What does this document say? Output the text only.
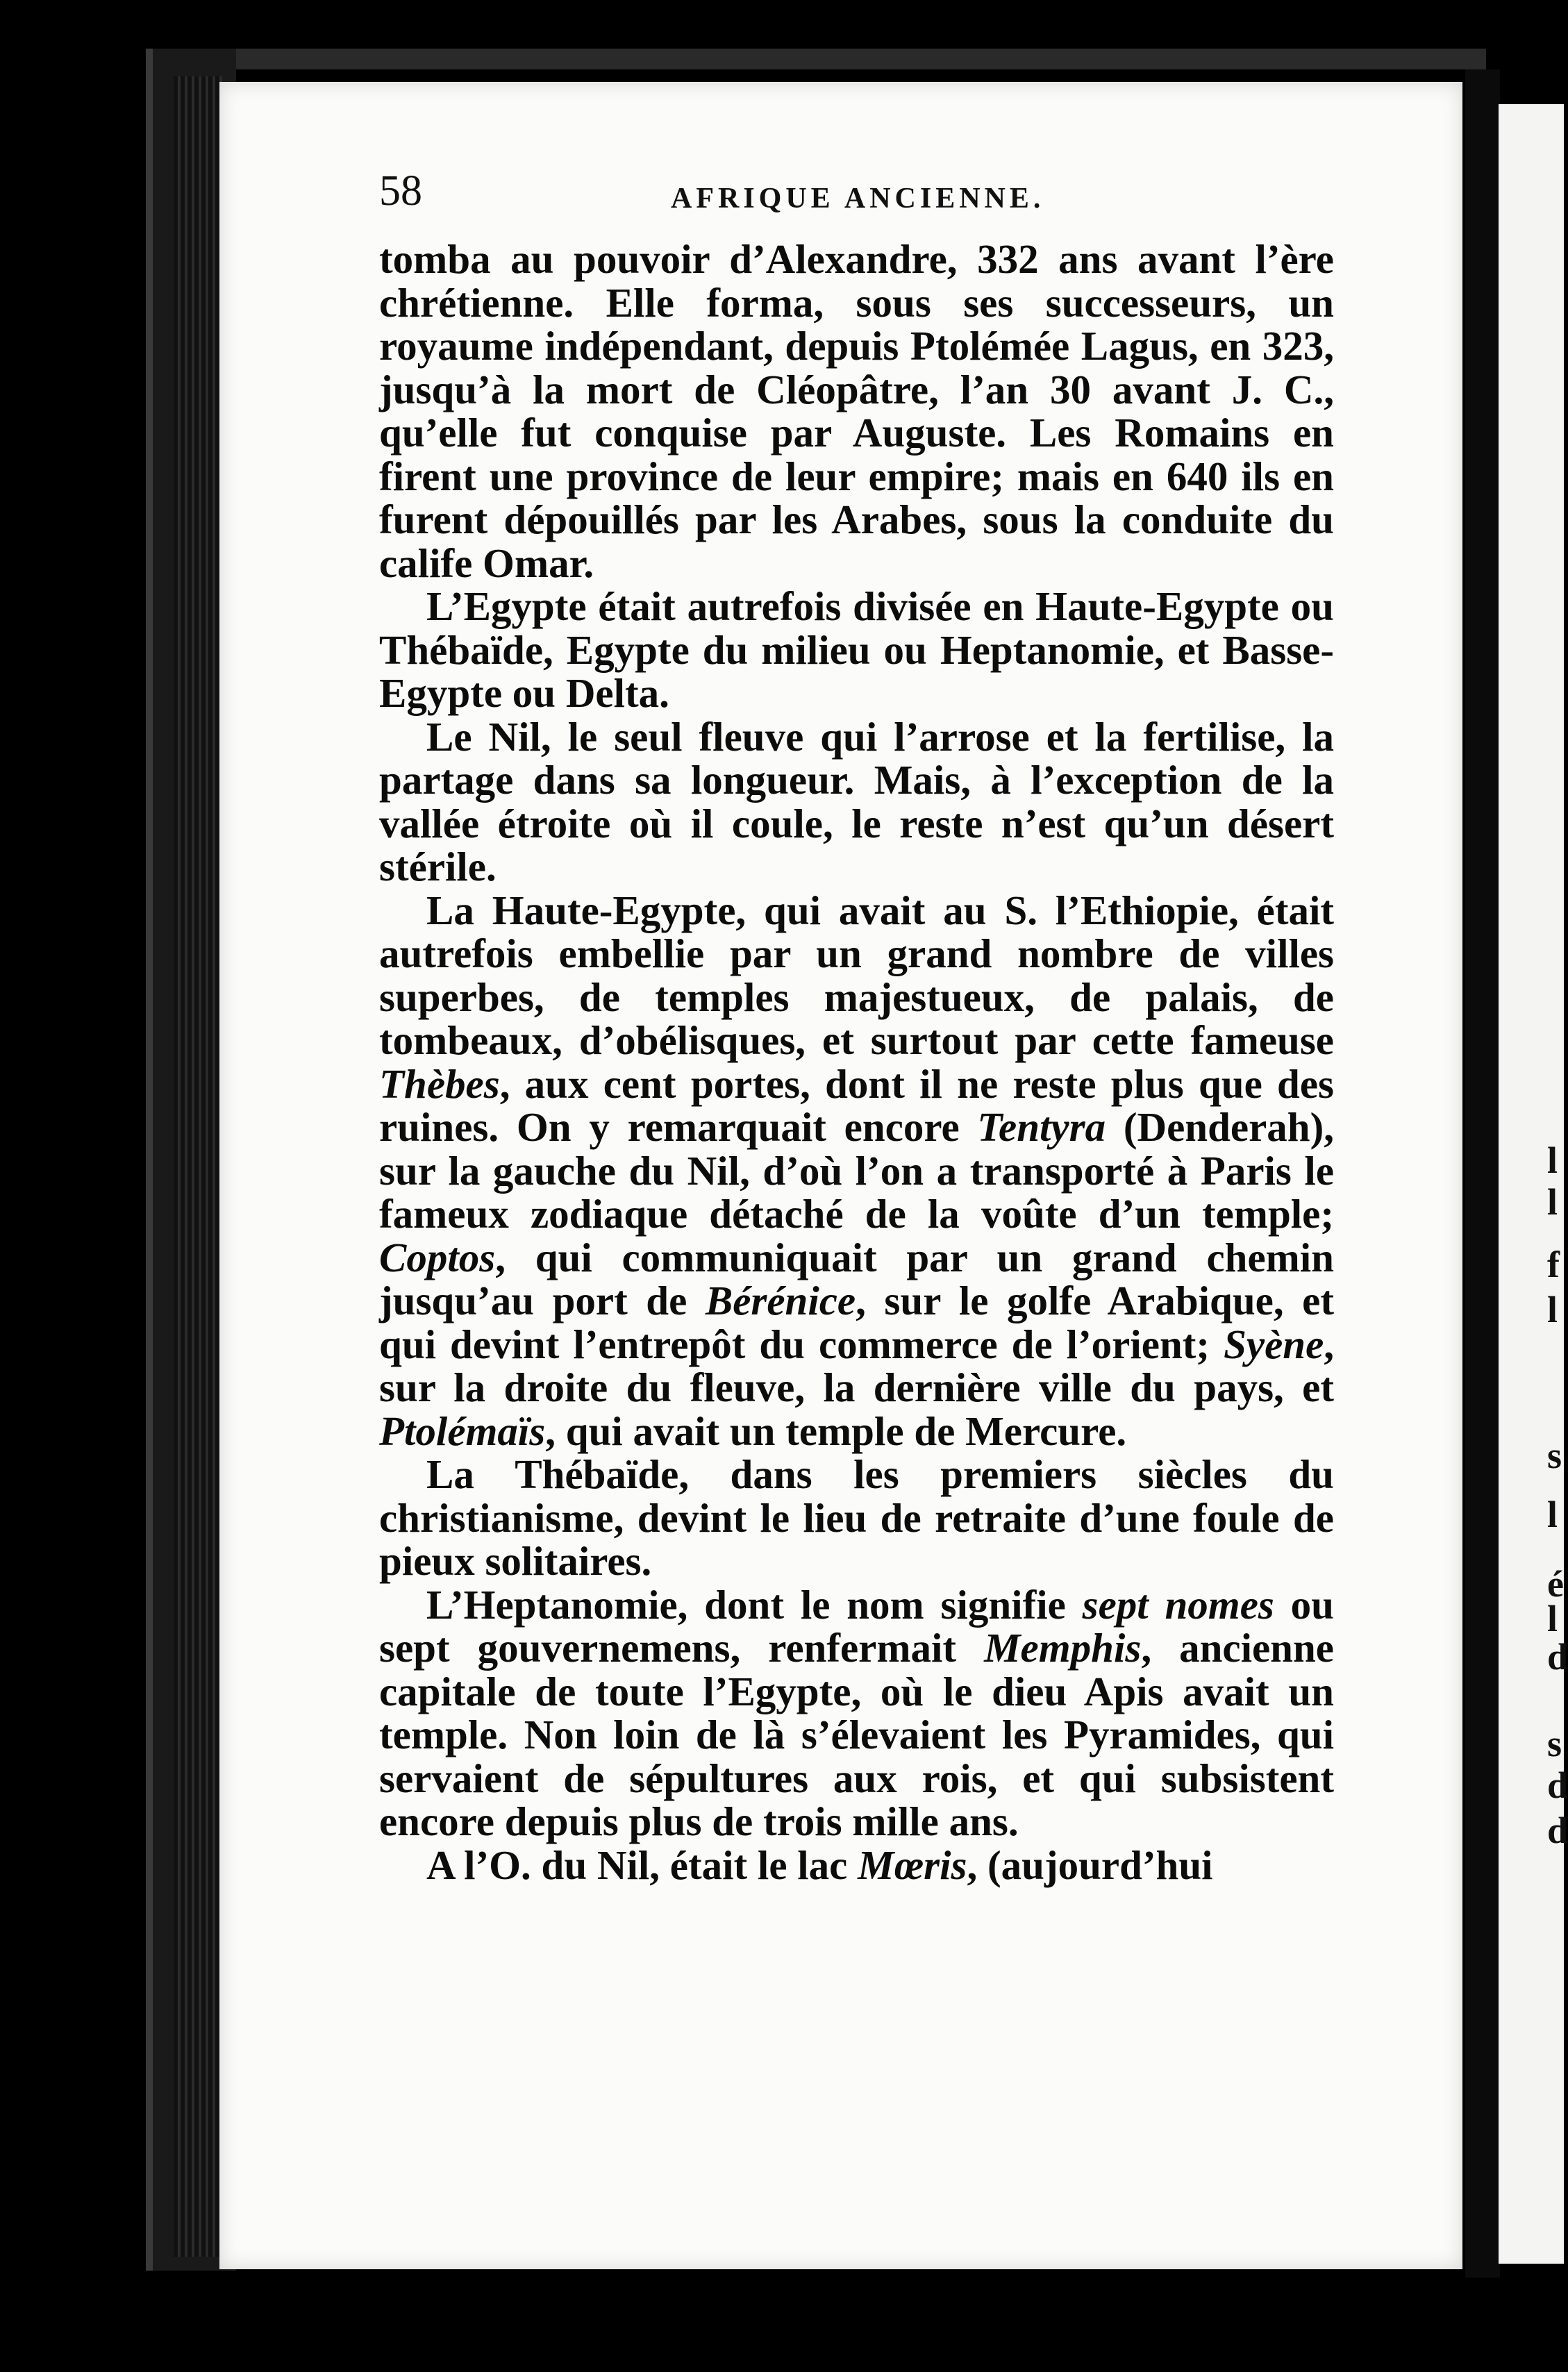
l
l
f
l
s
l
é
l
d
s
d
d
58	AFRIQUE ANCIENNE.

tomba au pouvoir d’Alexandre, 332 ans avant l’ère chrétienne. Elle forma, sous ses successeurs, un royaume indépendant, depuis Ptolémée Lagus, en 323, jusqu’à la mort de Cléopâtre, l’an 30 avant J. C., qu’elle fut conquise par Auguste. Les Romains en firent une province de leur empire; mais en 640 ils en furent dépouillés par les Arabes, sous la conduite du calife Omar.

L’Egypte était autrefois divisée en Haute-Egypte ou Thébaïde, Egypte du milieu ou Heptanomie, et Basse-Egypte ou Delta.

Le Nil, le seul fleuve qui l’arrose et la fertilise, la partage dans sa longueur. Mais, à l’exception de la vallée étroite où il coule, le reste n’est qu’un désert stérile.

La Haute-Egypte, qui avait au S. l’Ethiopie, était autrefois embellie par un grand nombre de villes superbes, de temples majestueux, de palais, de tombeaux, d’obélisques, et surtout par cette fameuse Thèbes, aux cent portes, dont il ne reste plus que des ruines. On y remarquait encore Tentyra (Denderah), sur la gauche du Nil, d’où l’on a transporté à Paris le fameux zodiaque détaché de la voûte d’un temple; Coptos, qui communiquait par un grand chemin jusqu’au port de Bérénice, sur le golfe Arabique, et qui devint l’entrepôt du commerce de l’orient; Syène, sur la droite du fleuve, la dernière ville du pays, et Ptolémaïs, qui avait un temple de Mercure.

La Thébaïde, dans les premiers siècles du christianisme, devint le lieu de retraite d’une foule de pieux solitaires.

L’Heptanomie, dont le nom signifie sept nomes ou sept gouvernemens, renfermait Memphis, ancienne capitale de toute l’Egypte, où le dieu Apis avait un temple. Non loin de là s’élevaient les Pyramides, qui servaient de sépultures aux rois, et qui subsistent encore depuis plus de trois mille ans.

A l’O. du Nil, était le lac Mœris, (aujourd’hui
